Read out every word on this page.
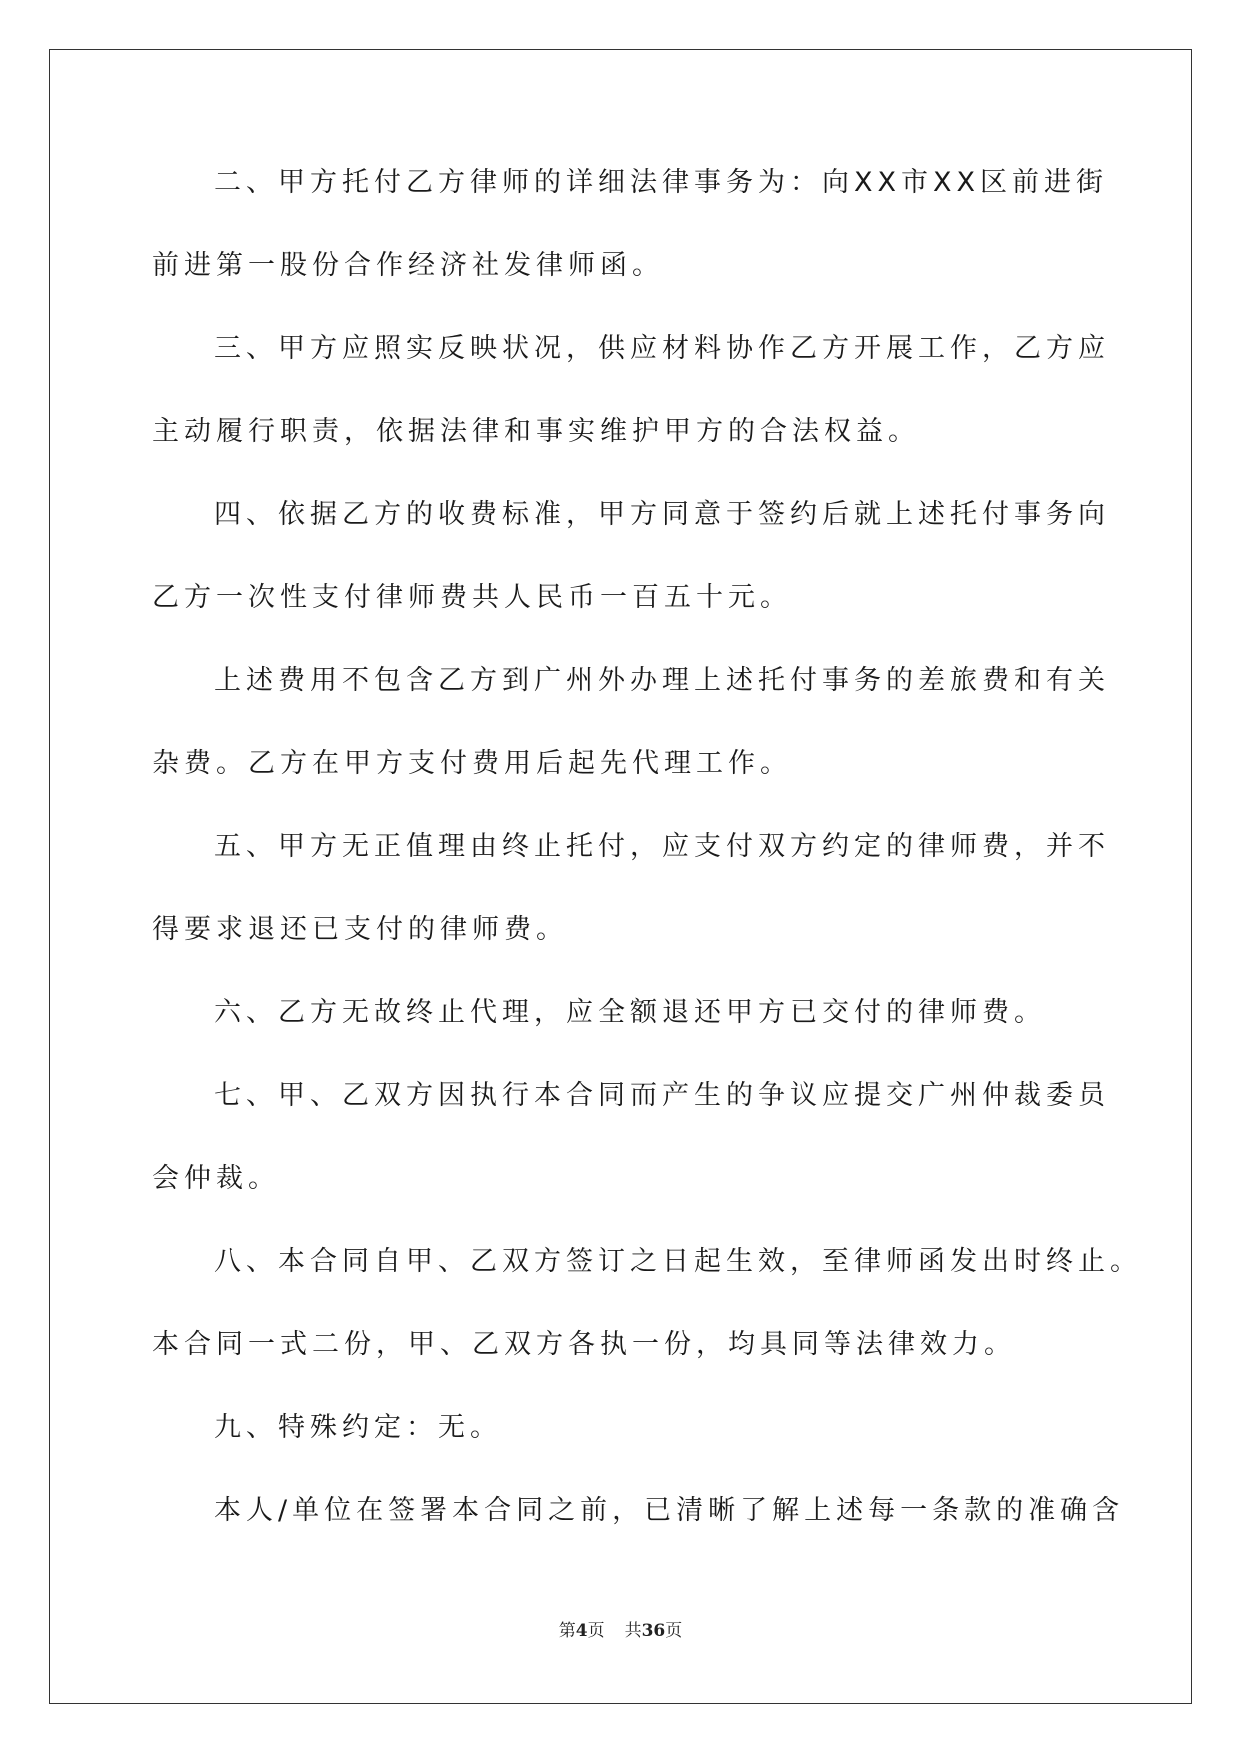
二、甲方托付乙方律师的详细法律事务为：向XX市XX区前进街
前进第一股份合作经济社发律师函。
三、甲方应照实反映状况，供应材料协作乙方开展工作，乙方应
主动履行职责，依据法律和事实维护甲方的合法权益。
四、依据乙方的收费标准，甲方同意于签约后就上述托付事务向
乙方一次性支付律师费共人民币一百五十元。
上述费用不包含乙方到广州外办理上述托付事务的差旅费和有关
杂费。乙方在甲方支付费用后起先代理工作。
五、甲方无正值理由终止托付，应支付双方约定的律师费，并不
得要求退还已支付的律师费。
六、乙方无故终止代理，应全额退还甲方已交付的律师费。
七、甲、乙双方因执行本合同而产生的争议应提交广州仲裁委员
会仲裁。
八、本合同自甲、乙双方签订之日起生效，至律师函发出时终止。
本合同一式二份，甲、乙双方各执一份，均具同等法律效力。
九、特殊约定：无。
本人/单位在签署本合同之前，已清晰了解上述每一条款的准确含
第4页 共36页
